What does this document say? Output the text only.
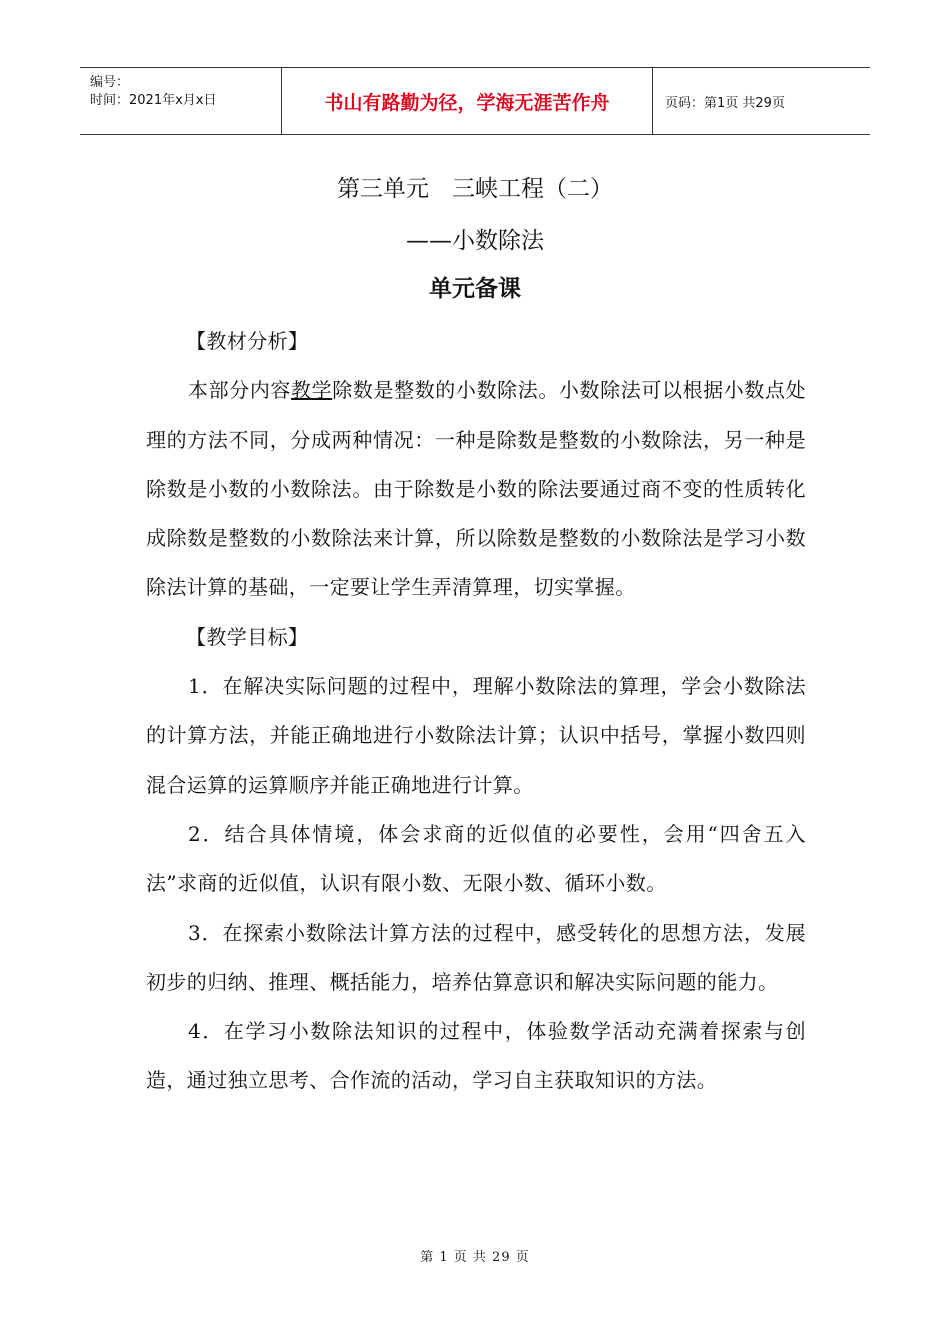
编号：
时间：2021年x月x日	书山有路勤为径，学海无涯苦作舟	页码：第1页 共29页
第三单元　三峡工程（二）
——小数除法
单元备课

【教材分析】

本部分内容教学除数是整数的小数除法。小数除法可以根据小数点处理的方法不同，分成两种情况：一种是除数是整数的小数除法，另一种是除数是小数的小数除法。由于除数是小数的除法要通过商不变的性质转化成除数是整数的小数除法来计算，所以除数是整数的小数除法是学习小数除法计算的基础，一定要让学生弄清算理，切实掌握。

【教学目标】

1．在解决实际问题的过程中，理解小数除法的算理，学会小数除法的计算方法，并能正确地进行小数除法计算；认识中括号，掌握小数四则混合运算的运算顺序并能正确地进行计算。

2．结合具体情境，体会求商的近似值的必要性，会用“四舍五入法”求商的近似值，认识有限小数、无限小数、循环小数。

3．在探索小数除法计算方法的过程中，感受转化的思想方法，发展初步的归纳、推理、概括能力，培养估算意识和解决实际问题的能力。

4．在学习小数除法知识的过程中，体验数学活动充满着探索与创造，通过独立思考、合作流的活动，学习自主获取知识的方法。

第 1 页 共 29 页
